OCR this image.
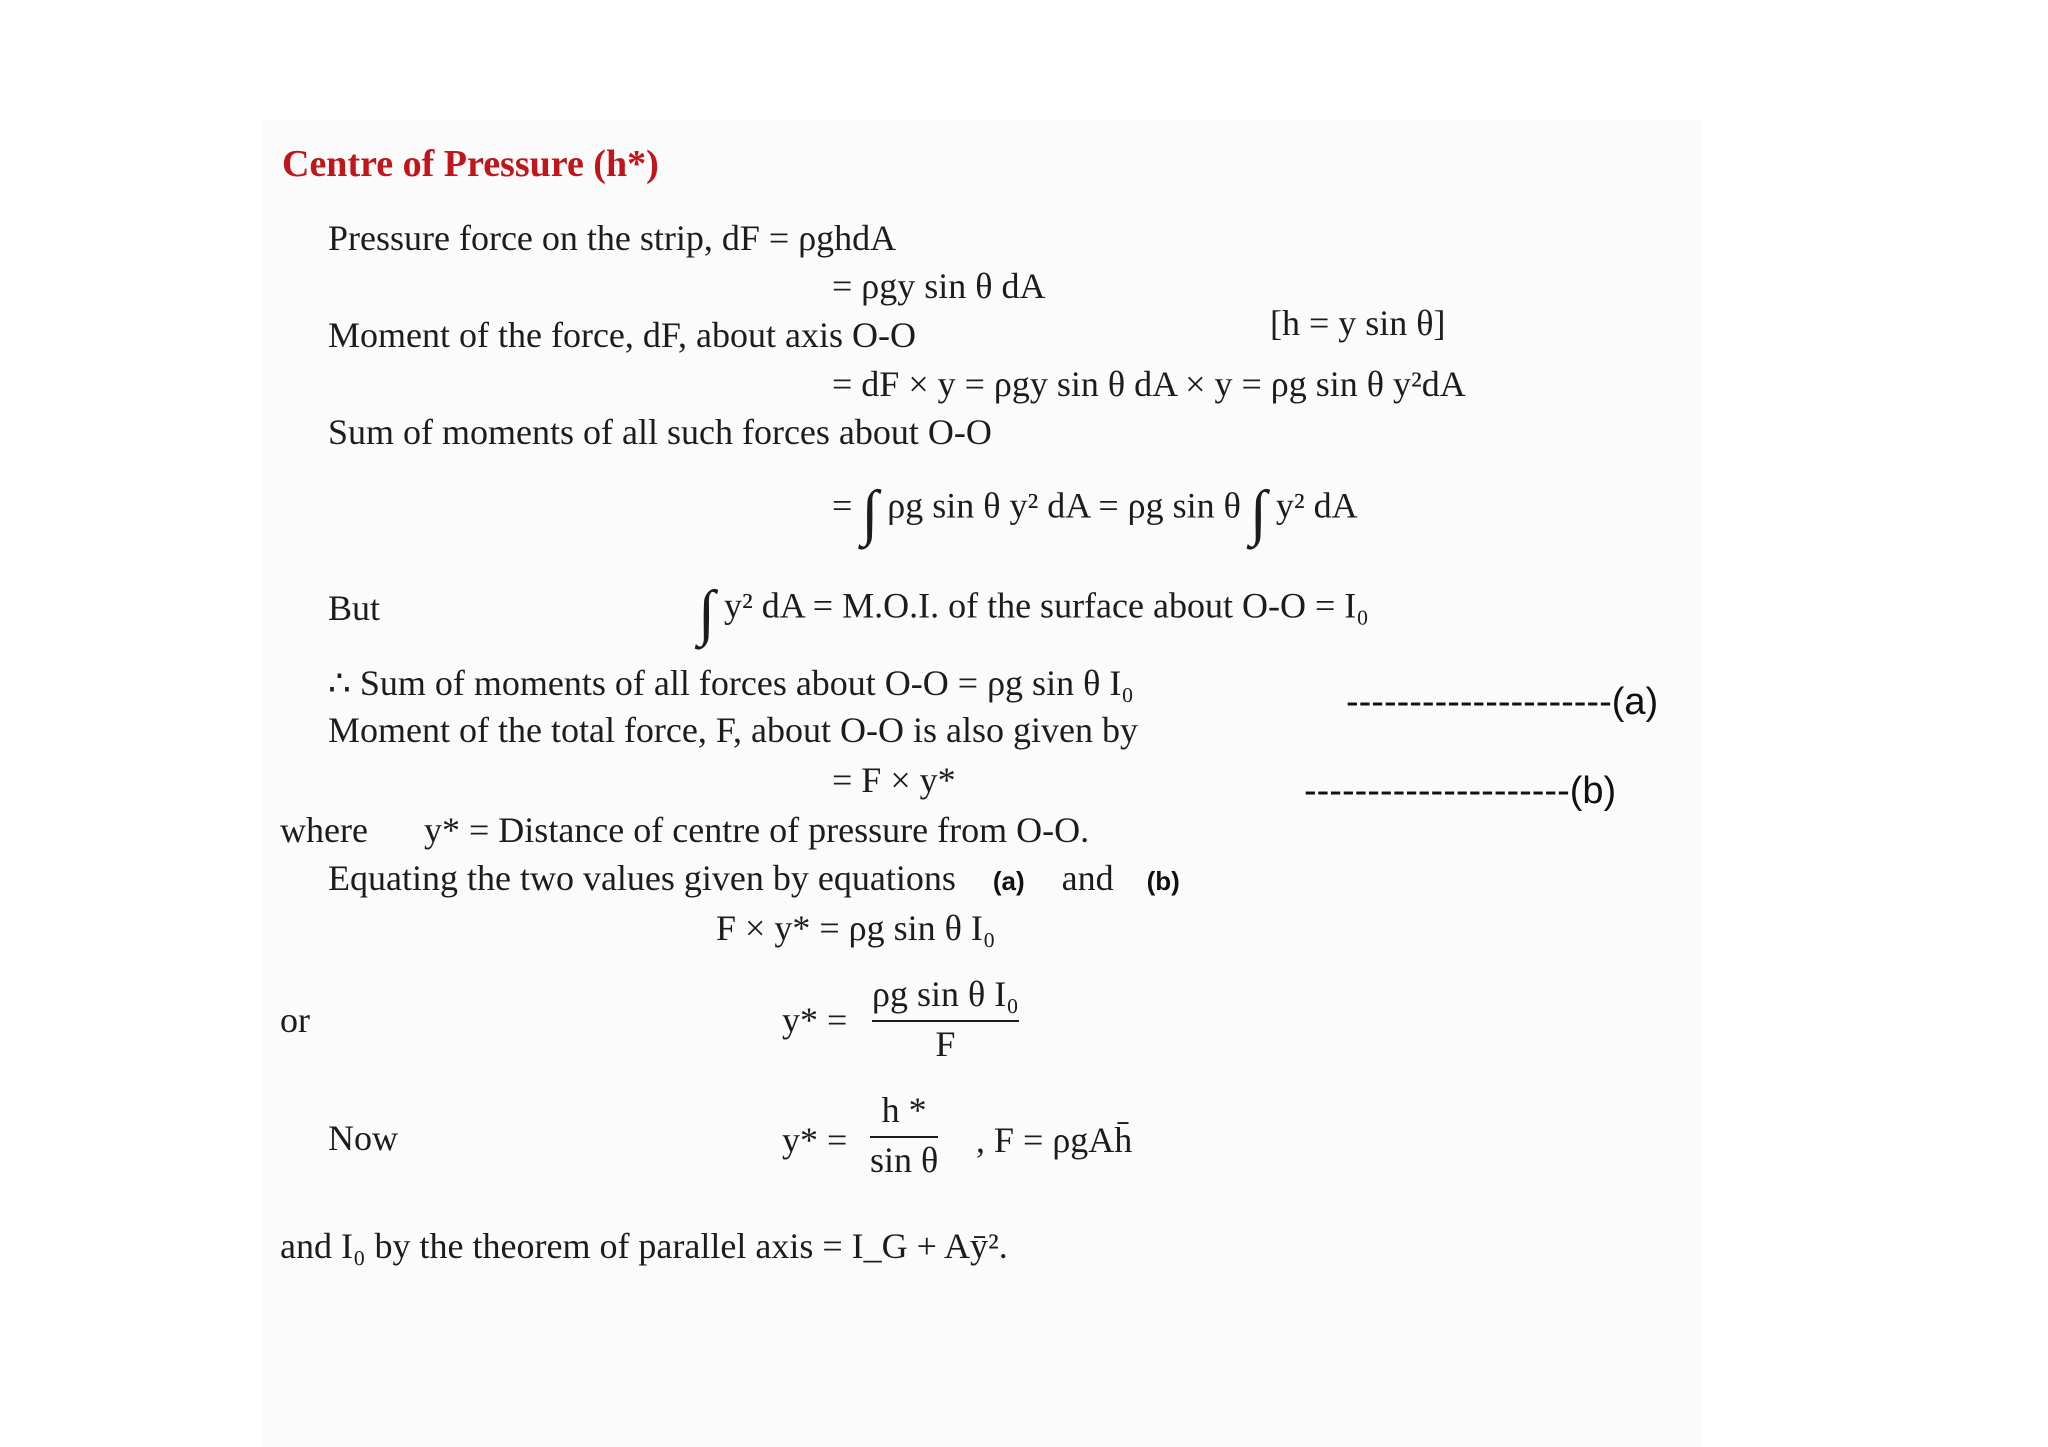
Centre of Pressure (h*)
Pressure force on the strip, dF = ρghdA
= ρgy sin θ dA
Moment of the force, dF, about axis O-O	[h = y sin θ]
= dF × y = ρgy sin θ dA × y = ρg sin θ y²dA
Sum of moments of all such forces about O-O
= ∫ ρg sin θ y² dA = ρg sin θ ∫ y² dA
But	∫ y² dA = M.O.I. of the surface about O-O = I₀
∴ Sum of moments of all forces about O-O = ρg sin θ I₀	---------------------(a)
Moment of the total force, F, about O-O is also given by
= F × y*	---------------------(b)
where y* = Distance of centre of pressure from O-O.
Equating the two values given by equations (a) and (b)
F × y* = ρg sin θ I₀
or	y* =
ρg sin θ I₀
F
Now	y* =
h *
sin θ , F = ρgAh̄
and I₀ by the theorem of parallel axis = I_G + Aȳ².
